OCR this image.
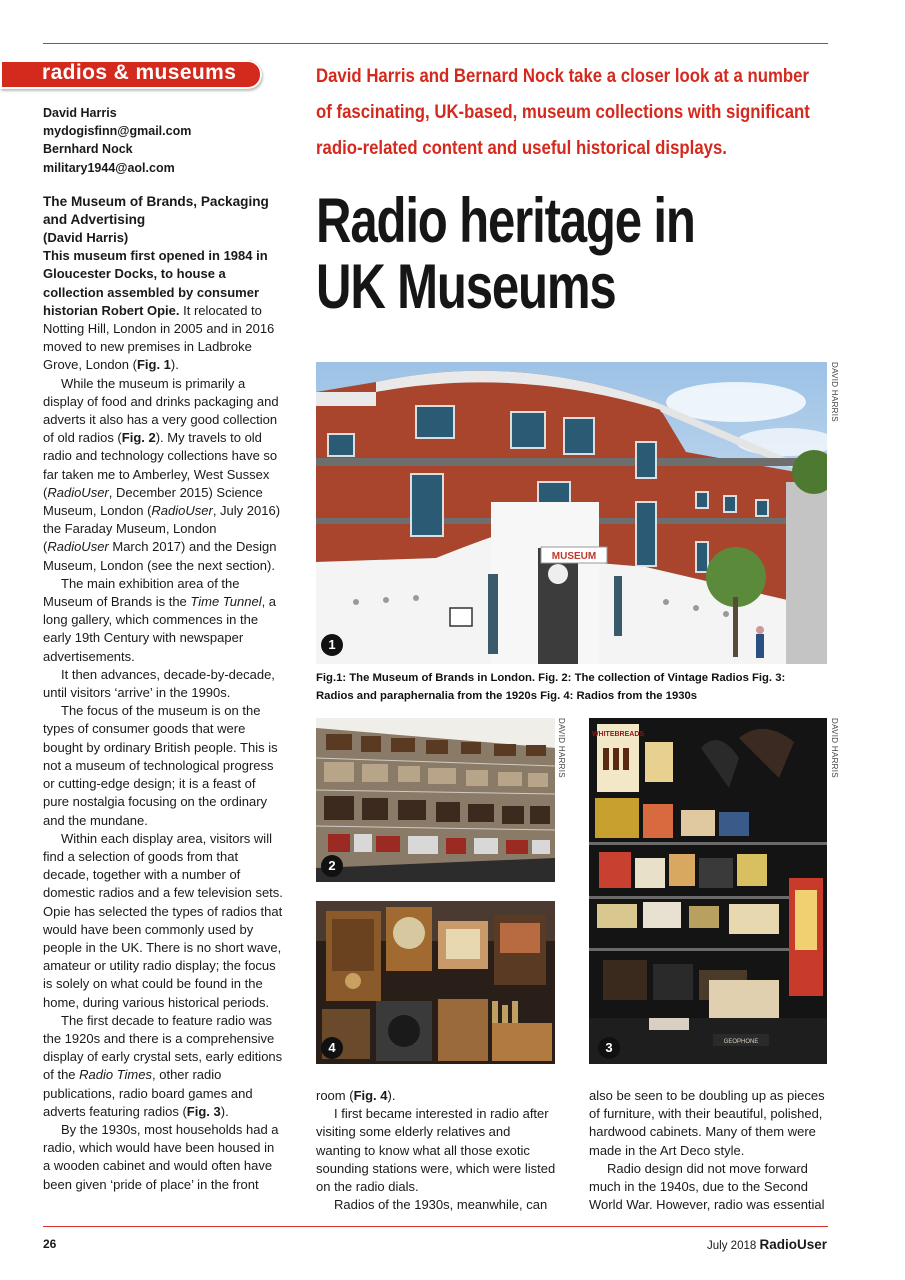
radios & museums
David Harris
mydogisfinn@gmail.com
Bernhard Nock
military1944@aol.com
David Harris and Bernard Nock take a closer look at a number of fascinating, UK-based, museum collections with significant radio-related content and useful historical displays.
Radio heritage in
UK Museums
The Museum of Brands, Packaging and Advertising

(David Harris)

This museum first opened in 1984 in Gloucester Docks, to house a collection assembled by consumer historian Robert Opie. It relocated to Notting Hill, London in 2005 and in 2016 moved to new premises in Ladbroke Grove, London (Fig. 1).

While the museum is primarily a display of food and drinks packaging and adverts it also has a very good collection of old radios (Fig. 2). My travels to old radio and technology collections have so far taken me to Amberley, West Sussex (RadioUser, December 2015) Science Museum, London (RadioUser, July 2016) the Faraday Museum, London (RadioUser March 2017) and the Design Museum, London (see the next section).

The main exhibition area of the Museum of Brands is the Time Tunnel, a long gallery, which commences in the early 19th Century with newspaper advertisements.

It then advances, decade-by-decade, until visitors ‘arrive’ in the 1990s.

The focus of the museum is on the types of consumer goods that were bought by ordinary British people. This is not a museum of technological progress or cutting-edge design; it is a feast of pure nostalgia focusing on the ordinary and the mundane.

Within each display area, visitors will find a selection of goods from that decade, together with a number of domestic radios and a few television sets. Opie has selected the types of radios that would have been commonly used by people in the UK. There is no short wave, amateur or utility radio display; the focus is solely on what could be found in the home, during various historical periods.

The first decade to feature radio was the 1920s and there is a comprehensive display of early crystal sets, early editions of the Radio Times, other radio publications, radio board games and adverts featuring radios (Fig. 3).

By the 1930s, most households had a radio, which would have been housed in a wooden cabinet and would often have been given ‘pride of place’ in the front

MUSEUM
1
DAVID HARRIS
Fig.1: The Museum of Brands in London. Fig. 2: The collection of Vintage Radios Fig. 3: Radios and paraphernalia from the 1920s Fig. 4: Radios from the 1930s
2
DAVID HARRIS
4
WHITEBREADS
GEOPHONE
3
DAVID HARRIS

room (Fig. 4).

I first became interested in radio after visiting some elderly relatives and wanting to know what all those exotic sounding stations were, which were listed on the radio dials.

Radios of the 1930s, meanwhile, can

also be seen to be doubling up as pieces of furniture, with their beautiful, polished, hardwood cabinets. Many of them were made in the Art Deco style.

Radio design did not move forward much in the 1940s, due to the Second World War. However, radio was essential

26	July 2018 RadioUser
